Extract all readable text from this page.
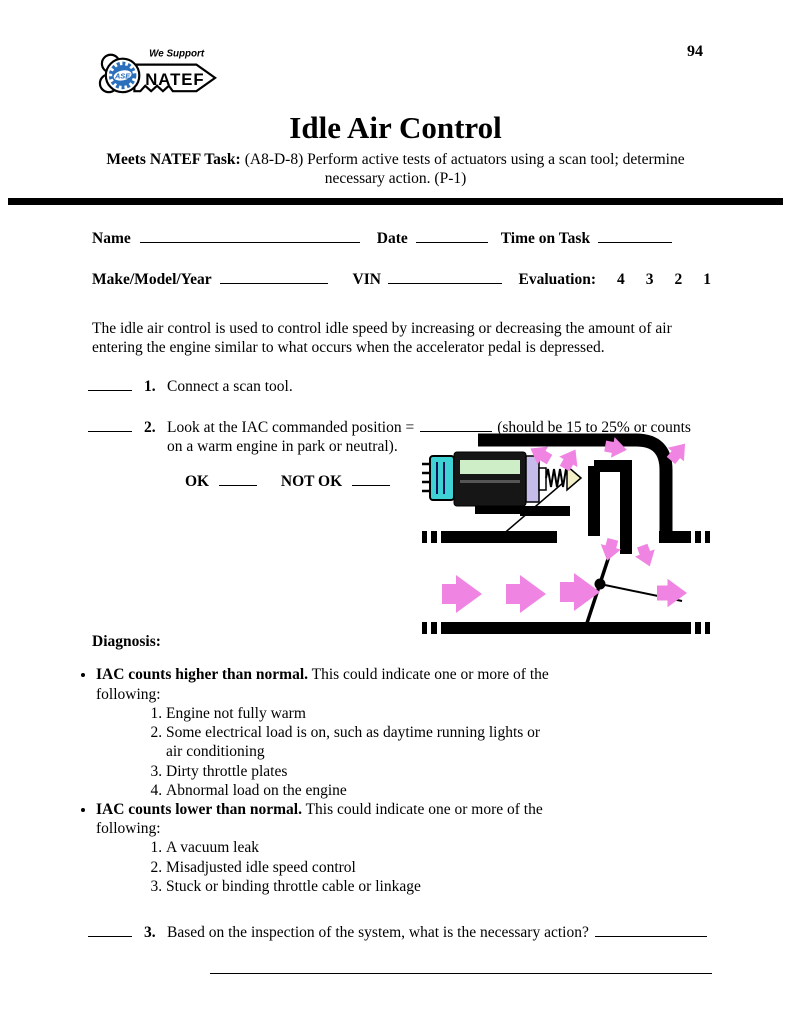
ASE
We Support
NATEF
94
Idle Air Control
Meets NATEF Task: (A8-D-8) Perform active tests of actuators using a scan tool; determine necessary action. (P-1)
Name	Date	Time on Task
Make/Model/Year	VIN	Evaluation: 4 3 2 1

The idle air control is used to control idle speed by increasing or decreasing the amount of air entering the engine similar to what occurs when the accelerator pedal is depressed.

1. Connect a scan tool.
2. Look at the IAC commanded position =	(should be 15 to 25% or counts on a warm engine in park or neutral).
OK	NOT OK
Diagnosis:
• IAC counts higher than normal. This could indicate one or more of the following:
1. Engine not fully warm
2. Some electrical load is on, such as daytime running lights or air conditioning
3. Dirty throttle plates
4. Abnormal load on the engine
• IAC counts lower than normal. This could indicate one or more of the following:
1. A vacuum leak
2. Misadjusted idle speed control
3. Stuck or binding throttle cable or linkage
3. Based on the inspection of the system, what is the necessary action?
